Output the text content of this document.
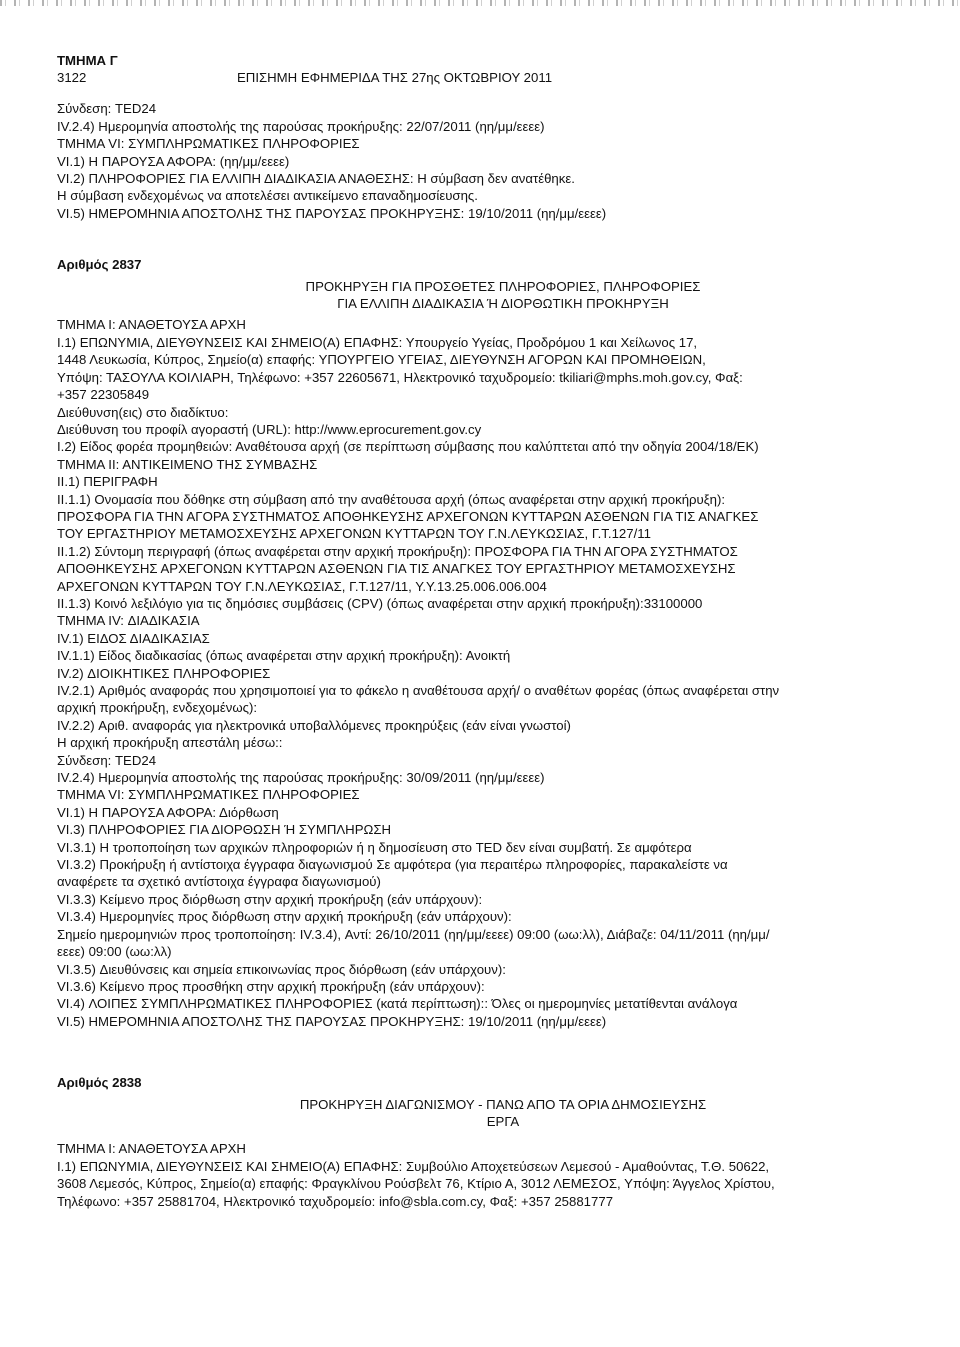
ΤΜΗΜΑ Γ
3122	ΕΠΙΣΗΜΗ ΕΦΗΜΕΡΙΔΑ ΤΗΣ 27ης ΟΚΤΩΒΡΙΟΥ 2011
Σύνδεση: TED24
IV.2.4) Ημερομηνία αποστολής της παρούσας προκήρυξης: 22/07/2011 (ηη/μμ/εεεε)
ΤΜΗΜΑ VI: ΣΥΜΠΛΗΡΩΜΑΤΙΚΕΣ ΠΛΗΡΟΦΟΡΙΕΣ
VI.1) Η ΠΑΡΟΥΣΑ ΑΦΟΡΑ: (ηη/μμ/εεεε)
VI.2) ΠΛΗΡΟΦΟΡΙΕΣ ΓΙΑ ΕΛΛΙΠΗ ΔΙΑΔΙΚΑΣΙΑ ΑΝΑΘΕΣΗΣ: Η σύμβαση δεν ανατέθηκε.
Η σύμβαση ενδεχομένως να αποτελέσει αντικείμενο επαναδημοσίευσης.
VI.5) ΗΜΕΡΟΜΗΝΙΑ ΑΠΟΣΤΟΛΗΣ ΤΗΣ ΠΑΡΟΥΣΑΣ ΠΡΟΚΗΡΥΞΗΣ: 19/10/2011 (ηη/μμ/εεεε)
Αριθμός 2837
ΠΡΟΚΗΡΥΞΗ ΓΙΑ ΠΡΟΣΘΕΤΕΣ ΠΛΗΡΟΦΟΡΙΕΣ, ΠΛΗΡΟΦΟΡΙΕΣ
ΓΙΑ ΕΛΛΙΠΗ ΔΙΑΔΙΚΑΣΙΑ Ή ΔΙΟΡΘΩΤΙΚΗ ΠΡΟΚΗΡΥΞΗ
ΤΜΗΜΑ Ι: ΑΝΑΘΕΤΟΥΣΑ ΑΡΧΗ
I.1) ΕΠΩΝΥΜΙΑ, ΔΙΕΥΘΥΝΣΕΙΣ ΚΑΙ ΣΗΜΕΙΟ(Α) ΕΠΑΦΗΣ: Υπουργείο Υγείας, Προδρόμου 1 και Χείλωνος 17,
1448 Λευκωσία, Κύπρος, Σημείο(α) επαφής: ΥΠΟΥΡΓΕΙΟ ΥΓΕΙΑΣ, ΔΙΕΥΘΥΝΣΗ ΑΓΟΡΩΝ ΚΑΙ ΠΡΟΜΗΘΕΙΩΝ,
Υπόψη: ΤΑΣΟΥΛΑ ΚΟΙΛΙΑΡΗ, Τηλέφωνο: +357 22605671, Ηλεκτρονικό ταχυδρομείο: tkiliari@mphs.moh.gov.cy, Φαξ:
+357 22305849
Διεύθυνση(εις) στο διαδίκτυο:
Διεύθυνση του προφίλ αγοραστή (URL): http://www.eprocurement.gov.cy
I.2) Είδος φορέα προμηθειών: Αναθέτουσα αρχή (σε περίπτωση σύμβασης που καλύπτεται από την οδηγία 2004/18/ΕΚ)
ΤΜΗΜΑ ΙΙ: ΑΝΤΙΚΕΙΜΕΝΟ ΤΗΣ ΣΥΜΒΑΣΗΣ
ΙΙ.1) ΠΕΡΙΓΡΑΦΗ
ΙΙ.1.1) Ονομασία που δόθηκε στη σύμβαση από την αναθέτουσα αρχή (όπως αναφέρεται στην αρχική προκήρυξη):
ΠΡΟΣΦΟΡΑ ΓΙΑ ΤΗΝ ΑΓΟΡΑ ΣΥΣΤΗΜΑΤΟΣ ΑΠΟΘΗΚΕΥΣΗΣ ΑΡΧΕΓΟΝΩΝ ΚΥΤΤΑΡΩΝ ΑΣΘΕΝΩΝ ΓΙΑ ΤΙΣ ΑΝΑΓΚΕΣ
ΤΟΥ ΕΡΓΑΣΤΗΡΙΟΥ ΜΕΤΑΜΟΣΧΕΥΣΗΣ ΑΡΧΕΓΟΝΩΝ ΚΥΤΤΑΡΩΝ ΤΟΥ Γ.Ν.ΛΕΥΚΩΣΙΑΣ, Γ.Τ.127/11
ΙΙ.1.2) Σύντομη περιγραφή (όπως αναφέρεται στην αρχική προκήρυξη): ΠΡΟΣΦΟΡΑ ΓΙΑ ΤΗΝ ΑΓΟΡΑ ΣΥΣΤΗΜΑΤΟΣ
ΑΠΟΘΗΚΕΥΣΗΣ ΑΡΧΕΓΟΝΩΝ ΚΥΤΤΑΡΩΝ ΑΣΘΕΝΩΝ ΓΙΑ ΤΙΣ ΑΝΑΓΚΕΣ ΤΟΥ ΕΡΓΑΣΤΗΡΙΟΥ ΜΕΤΑΜΟΣΧΕΥΣΗΣ
ΑΡΧΕΓΟΝΩΝ ΚΥΤΤΑΡΩΝ ΤΟΥ Γ.Ν.ΛΕΥΚΩΣΙΑΣ, Γ.Τ.127/11, Υ.Υ.13.25.006.006.004
ΙΙ.1.3) Κοινό λεξιλόγιο για τις δημόσιες συμβάσεις (CPV) (όπως αναφέρεται στην αρχική προκήρυξη):33100000
ΤΜΗΜΑ IV: ΔΙΑΔΙΚΑΣΙΑ
IV.1) ΕΙΔΟΣ ΔΙΑΔΙΚΑΣΙΑΣ
IV.1.1) Είδος διαδικασίας (όπως αναφέρεται στην αρχική προκήρυξη): Ανοικτή
IV.2) ΔΙΟΙΚΗΤΙΚΕΣ ΠΛΗΡΟΦΟΡΙΕΣ
IV.2.1) Αριθμός αναφοράς που χρησιμοποιεί για το φάκελο η αναθέτουσα αρχή/ ο αναθέτων φορέας (όπως αναφέρεται στην
αρχική προκήρυξη, ενδεχομένως):
IV.2.2) Αριθ. αναφοράς για ηλεκτρονικά υποβαλλόμενες προκηρύξεις (εάν είναι γνωστοί)
Η αρχική προκήρυξη απεστάλη μέσω::
Σύνδεση: TED24
IV.2.4) Ημερομηνία αποστολής της παρούσας προκήρυξης: 30/09/2011 (ηη/μμ/εεεε)
ΤΜΗΜΑ VI: ΣΥΜΠΛΗΡΩΜΑΤΙΚΕΣ ΠΛΗΡΟΦΟΡΙΕΣ
VI.1) Η ΠΑΡΟΥΣΑ ΑΦΟΡΑ: Διόρθωση
VI.3) ΠΛΗΡΟΦΟΡΙΕΣ ΓΙΑ ΔΙΟΡΘΩΣΗ Ή ΣΥΜΠΛΗΡΩΣΗ
VI.3.1) Η τροποποίηση των αρχικών πληροφοριών ή η δημοσίευση στο TED δεν είναι συμβατή. Σε αμφότερα
VI.3.2) Προκήρυξη ή αντίστοιχα έγγραφα διαγωνισμού Σε αμφότερα (για περαιτέρω πληροφορίες, παρακαλείστε να
αναφέρετε τα σχετικό αντίστοιχα έγγραφα διαγωνισμού)
VI.3.3) Κείμενο προς διόρθωση στην αρχική προκήρυξη (εάν υπάρχουν):
VI.3.4) Ημερομηνίες προς διόρθωση στην αρχική προκήρυξη (εάν υπάρχουν):
Σημείο ημερομηνιών προς τροποποίηση: IV.3.4), Αντί: 26/10/2011 (ηη/μμ/εεεε) 09:00 (ωω:λλ), Διάβαζε: 04/11/2011 (ηη/μμ/
εεεε) 09:00 (ωω:λλ)
VI.3.5) Διευθύνσεις και σημεία επικοινωνίας προς διόρθωση (εάν υπάρχουν):
VI.3.6) Κείμενο προς προσθήκη στην αρχική προκήρυξη (εάν υπάρχουν):
VI.4) ΛΟΙΠΕΣ ΣΥΜΠΛΗΡΩΜΑΤΙΚΕΣ ΠΛΗΡΟΦΟΡΙΕΣ (κατά περίπτωση):: Όλες οι ημερομηνίες μετατίθενται ανάλογα
VI.5) ΗΜΕΡΟΜΗΝΙΑ ΑΠΟΣΤΟΛΗΣ ΤΗΣ ΠΑΡΟΥΣΑΣ ΠΡΟΚΗΡΥΞΗΣ: 19/10/2011 (ηη/μμ/εεεε)
Αριθμός 2838
ΠΡΟΚΗΡΥΞΗ ΔΙΑΓΩΝΙΣΜΟΥ - ΠΑΝΩ ΑΠΟ ΤΑ ΟΡΙΑ ΔΗΜΟΣΙΕΥΣΗΣ
ΕΡΓΑ
ΤΜΗΜΑ Ι: ΑΝΑΘΕΤΟΥΣΑ ΑΡΧΗ
I.1) ΕΠΩΝΥΜΙΑ, ΔΙΕΥΘΥΝΣΕΙΣ ΚΑΙ ΣΗΜΕΙΟ(Α) ΕΠΑΦΗΣ: Συμβούλιο Αποχετεύσεων Λεμεσού - Αμαθούντας, Τ.Θ. 50622,
3608 Λεμεσός, Κύπρος, Σημείο(α) επαφής: Φραγκλίνου Ρούσβελτ 76, Κτίριο Α, 3012 ΛΕΜΕΣΟΣ, Υπόψη: Άγγελος Χρίστου,
Τηλέφωνο: +357 25881704, Ηλεκτρονικό ταχυδρομείο: info@sbla.com.cy, Φαξ: +357 25881777
